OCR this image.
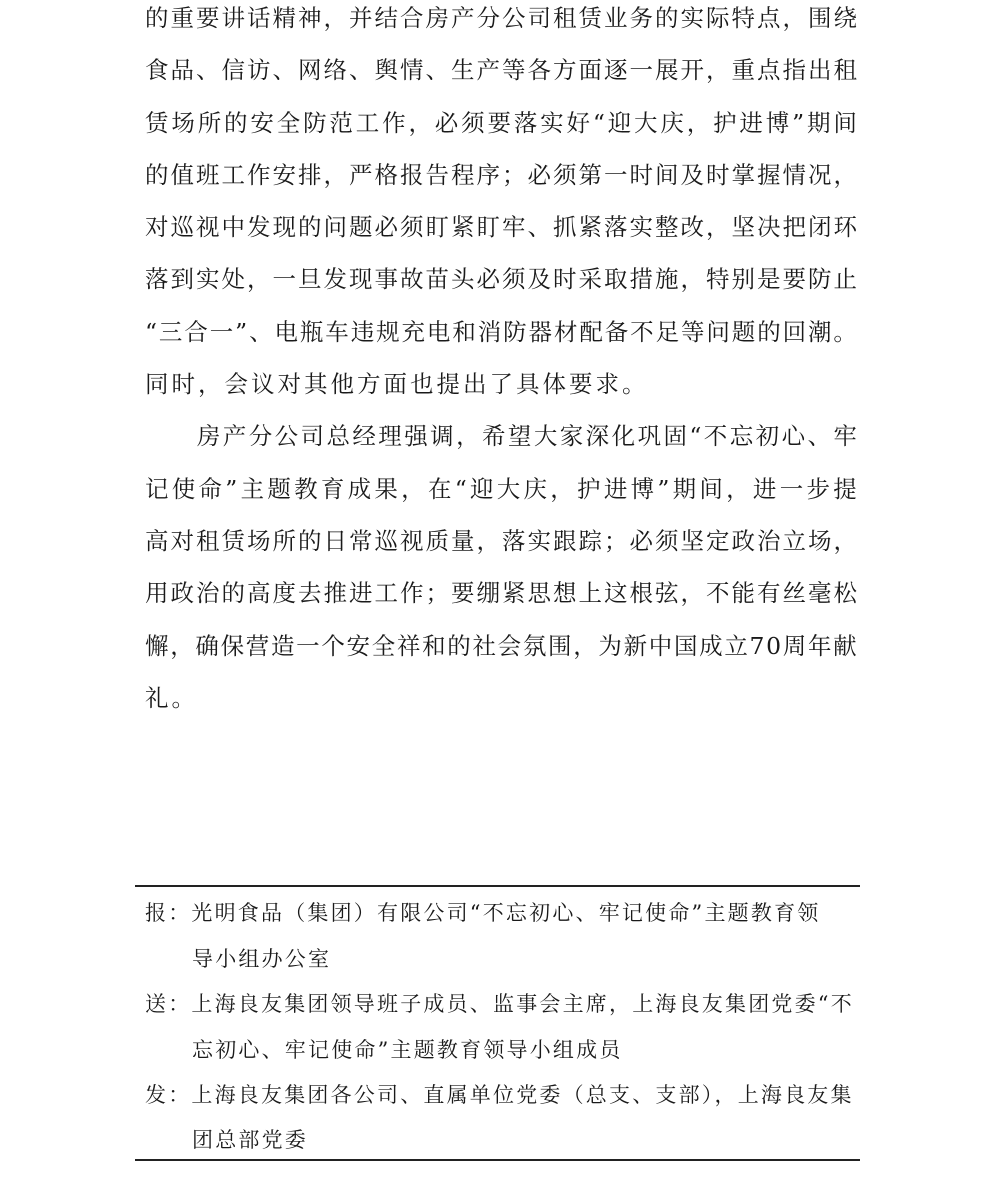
的 重 要 讲 话 精 神 ， 并 结 合 房 产 分 公 司 租 赁 业 务 的 实 际 特 点 ， 围 绕
食 品 、 信 访 、 网 络 、 舆 情 、 生 产 等 各 方 面 逐 一 展 开 ， 重 点 指 出 租
赁 场 所 的 安 全 防 范 工 作 ， 必 须 要 落 实 好 “ 迎 大 庆 ， 护 进 博 ” 期 间
的 值 班 工 作 安 排 ， 严 格 报 告 程 序 ； 必 须 第 一 时 间 及 时 掌 握 情 况 ，
对 巡 视 中 发 现 的 问 题 必 须 盯 紧 盯 牢 、 抓 紧 落 实 整 改 ， 坚 决 把 闭 环
落 到 实 处 ， 一 旦 发 现 事 故 苗 头 必 须 及 时 采 取 措 施 ， 特 别 是 要 防 止
“ 三 合 一 ” 、 电 瓶 车 违 规 充 电 和 消 防 器 材 配 备 不 足 等 问 题 的 回 潮 。
同时，会议对其他方面也提出了具体要求。

房 产 分 公 司 总 经 理 强 调 ， 希 望 大 家 深 化 巩 固 “ 不 忘 初 心 、 牢
记 使 命 ” 主 题 教 育 成 果 ， 在 “ 迎 大 庆 ， 护 进 博 ” 期 间 ， 进 一 步 提
高 对 租 赁 场 所 的 日 常 巡 视 质 量 ， 落 实 跟 踪 ； 必 须 坚 定 政 治 立 场 ，
用 政 治 的 高 度 去 推 进 工 作 ； 要 绷 紧 思 想 上 这 根 弦 ， 不 能 有 丝 毫 松
懈 ， 确 保 营 造 一 个 安 全 祥 和 的 社 会 氛 围 ， 为 新 中 国 成 立 7 0 周 年 献
礼。
报：光明食品（集团）有限公司“不忘初心、牢记使命”主题教育领
导小组办公室
送：上海良友集团领导班子成员、监事会主席，上海良友集团党委“不
忘初心、牢记使命”主题教育领导小组成员
发：上海良友集团各公司、直属单位党委（总支、支部），上海良友集
团总部党委
